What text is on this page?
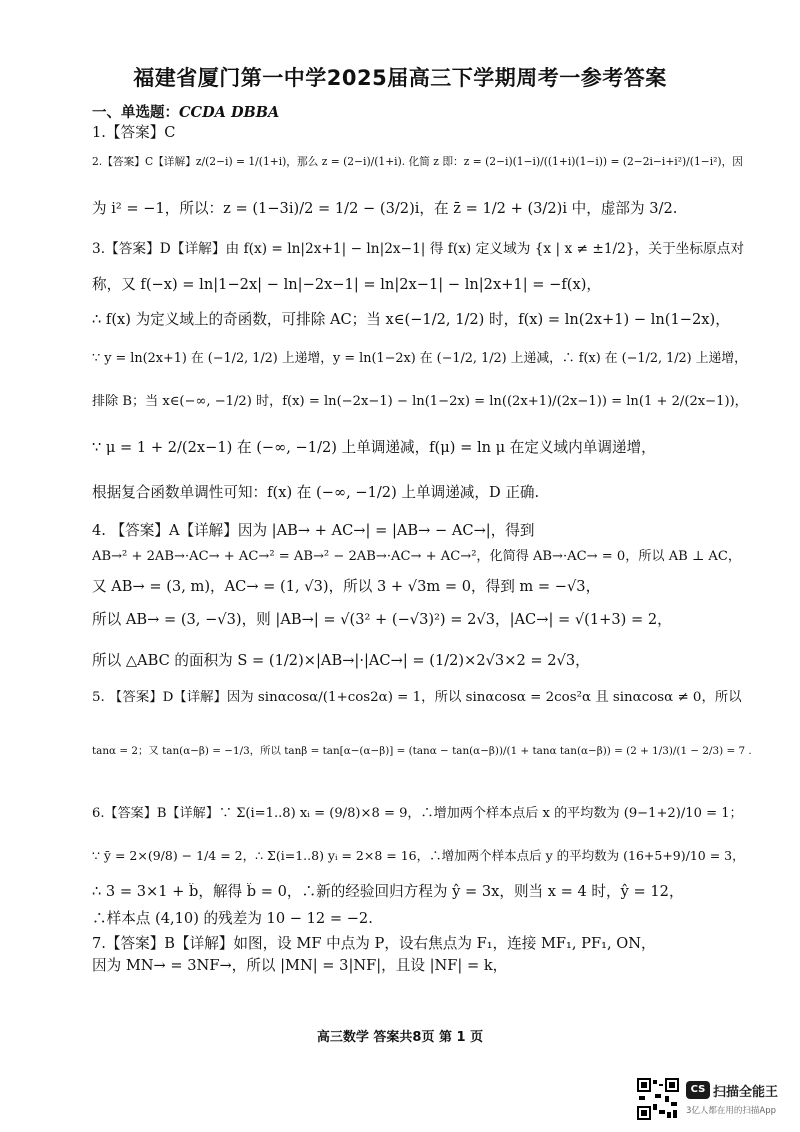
福建省厦门第一中学2025届高三下学期周考一参考答案
一、单选题：CCDA DBBA
1.【答案】C
2.【答案】C【详解】z/(2−i) = 1/(1+i)，那么 z = (2−i)/(1+i). 化简 z 即：z = (2−i)(1−i)/((1+i)(1−i)) = (2−2i−i+i²)/(1−i²)，因
为 i² = −1，所以：z = (1−3i)/2 = 1/2 − (3/2)i，在 z̄ = 1/2 + (3/2)i 中，虚部为 3/2.
3.【答案】D【详解】由 f(x) = ln|2x+1| − ln|2x−1| 得 f(x) 定义域为 {x | x ≠ ±1/2}，关于坐标原点对
称，又 f(−x) = ln|1−2x| − ln|−2x−1| = ln|2x−1| − ln|2x+1| = −f(x)，
∴ f(x) 为定义域上的奇函数，可排除 AC；当 x∈(−1/2, 1/2) 时，f(x) = ln(2x+1) − ln(1−2x)，
∵ y = ln(2x+1) 在 (−1/2, 1/2) 上递增，y = ln(1−2x) 在 (−1/2, 1/2) 上递减，∴ f(x) 在 (−1/2, 1/2) 上递增，
排除 B；当 x∈(−∞, −1/2) 时，f(x) = ln(−2x−1) − ln(1−2x) = ln((2x+1)/(2x−1)) = ln(1 + 2/(2x−1))，
∵ μ = 1 + 2/(2x−1) 在 (−∞, −1/2) 上单调递减，f(μ) = ln μ 在定义域内单调递增，
根据复合函数单调性可知：f(x) 在 (−∞, −1/2) 上单调递减，D 正确.
4. 【答案】A【详解】因为 |AB→ + AC→| = |AB→ − AC→|，得到
AB→² + 2AB→·AC→ + AC→² = AB→² − 2AB→·AC→ + AC→²，化简得 AB→·AC→ = 0，所以 AB ⊥ AC，
又 AB→ = (3, m)，AC→ = (1, √3)，所以 3 + √3m = 0，得到 m = −√3，
所以 AB→ = (3, −√3)，则 |AB→| = √(3² + (−√3)²) = 2√3，|AC→| = √(1+3) = 2，
所以 △ABC 的面积为 S = (1/2)×|AB→|·|AC→| = (1/2)×2√3×2 = 2√3，
5. 【答案】D【详解】因为 sinαcosα/(1+cos2α) = 1，所以 sinαcosα = 2cos²α 且 sinαcosα ≠ 0，所以
tanα = 2；又 tan(α−β) = −1/3，所以 tanβ = tan[α−(α−β)] = (tanα − tan(α−β))/(1 + tanα tan(α−β)) = (2 + 1/3)/(1 − 2/3) = 7 .
6.【答案】B【详解】∵ Σ(i=1..8) xᵢ = (9/8)×8 = 9，∴增加两个样本点后 x 的平均数为 (9−1+2)/10 = 1；
∵ ȳ = 2×(9/8) − 1/4 = 2，∴ Σ(i=1..8) yᵢ = 2×8 = 16，∴增加两个样本点后 y 的平均数为 (16+5+9)/10 = 3，
∴ 3 = 3×1 + b̂，解得 b̂ = 0，∴新的经验回归方程为 ŷ = 3x，则当 x = 4 时，ŷ = 12，
∴样本点 (4,10) 的残差为 10 − 12 = −2.
7.【答案】B【详解】如图，设 MF 中点为 P，设右焦点为 F₁，连接 MF₁, PF₁, ON，
因为 MN→ = 3NF→，所以 |MN| = 3|NF|，且设 |NF| = k，
高三数学 答案共8页 第 1 页
CS 扫描全能王
3亿人都在用的扫描App
